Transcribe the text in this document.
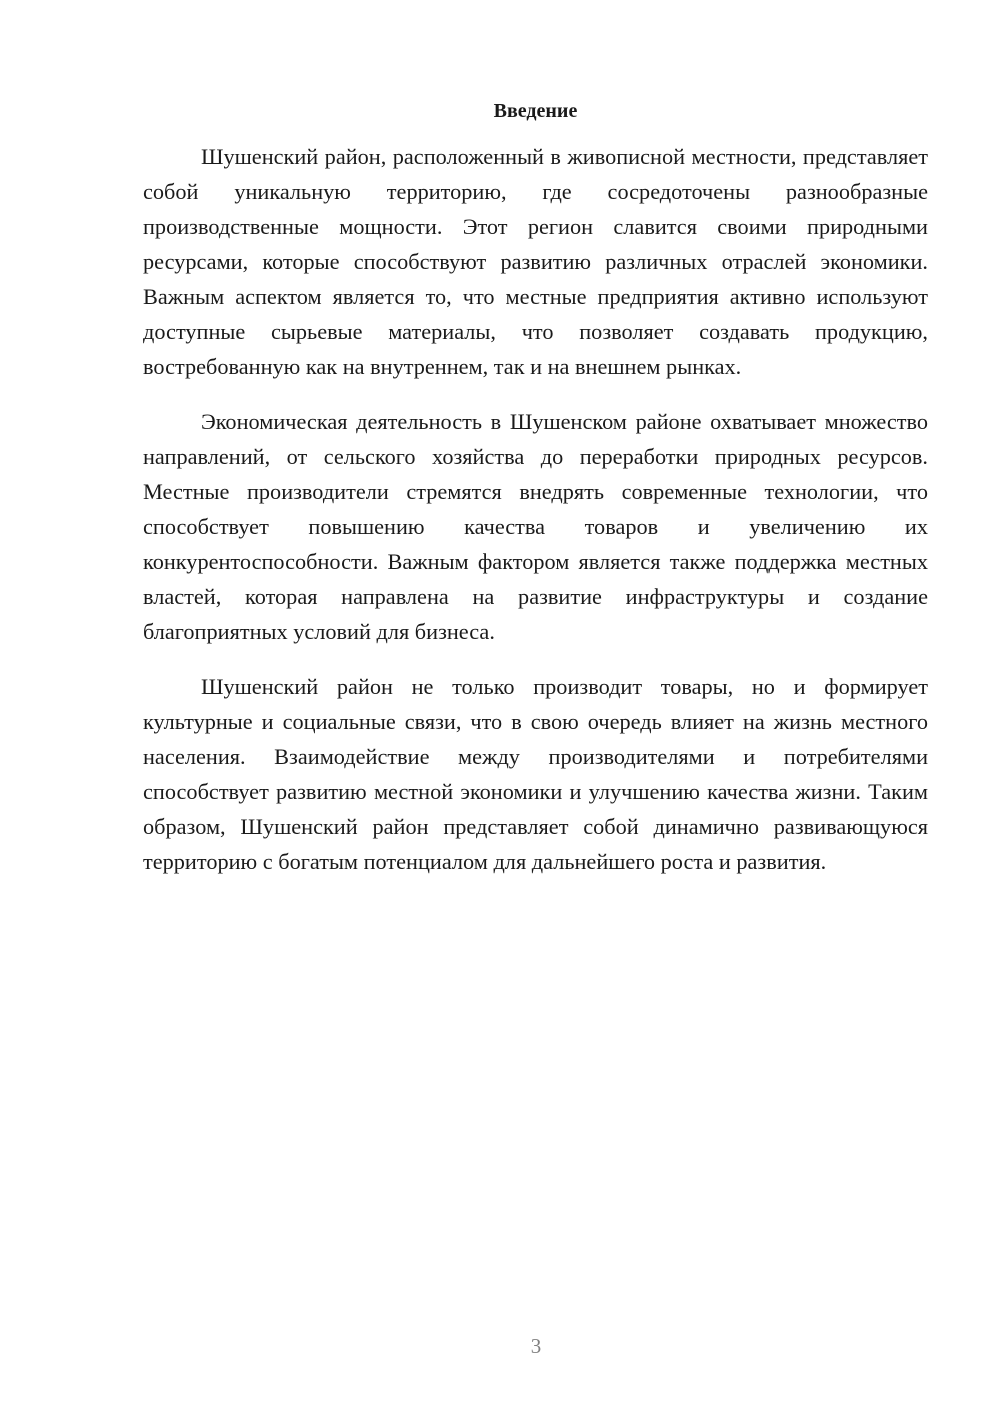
Введение

Шушенский район, расположенный в живописной местности, представляет собой уникальную территорию, где сосредоточены разнообразные производственные мощности. Этот регион славится своими природными ресурсами, которые способствуют развитию различных отраслей экономики. Важным аспектом является то, что местные предприятия активно используют доступные сырьевые материалы, что позволяет создавать продукцию, востребованную как на внутреннем, так и на внешнем рынках.

Экономическая деятельность в Шушенском районе охватывает множество направлений, от сельского хозяйства до переработки природных ресурсов. Местные производители стремятся внедрять современные технологии, что способствует повышению качества товаров и увеличению их конкурентоспособности. Важным фактором является также поддержка местных властей, которая направлена на развитие инфраструктуры и создание благоприятных условий для бизнеса.

Шушенский район не только производит товары, но и формирует культурные и социальные связи, что в свою очередь влияет на жизнь местного населения. Взаимодействие между производителями и потребителями способствует развитию местной экономики и улучшению качества жизни. Таким образом, Шушенский район представляет собой динамично развивающуюся территорию с богатым потенциалом для дальнейшего роста и развития.

3
